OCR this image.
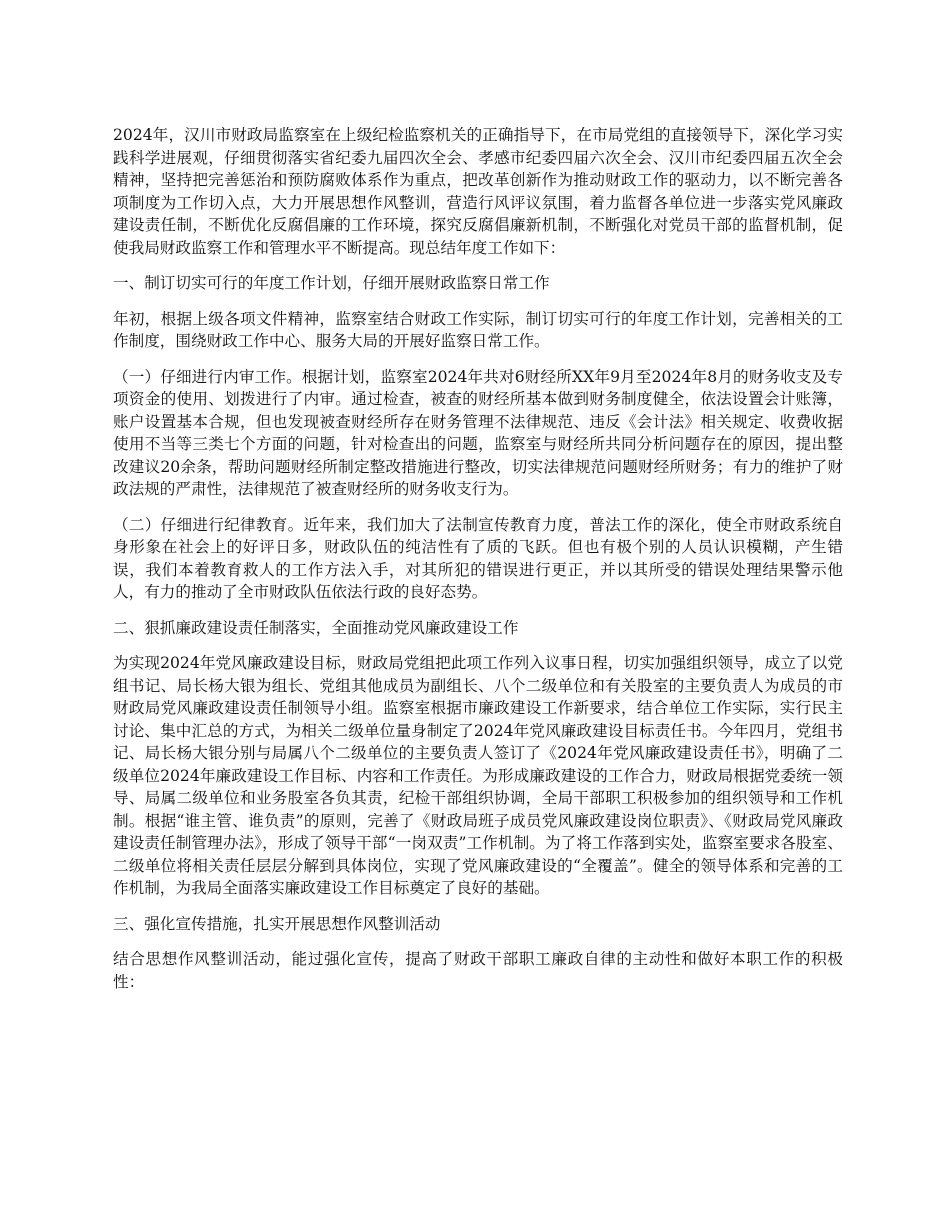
2024年，汉川市财政局监察室在上级纪检监察机关的正确指导下，在市局党组的直接领导下，深化学习实践科学进展观，仔细贯彻落实省纪委九届四次全会、孝感市纪委四届六次全会、汉川市纪委四届五次全会精神，坚持把完善惩治和预防腐败体系作为重点，把改革创新作为推动财政工作的驱动力，以不断完善各项制度为工作切入点，大力开展思想作风整训，营造行风评议氛围，着力监督各单位进一步落实党风廉政建设责任制，不断优化反腐倡廉的工作环境，探究反腐倡廉新机制，不断强化对党员干部的监督机制，促使我局财政监察工作和管理水平不断提高。现总结年度工作如下：

一、制订切实可行的年度工作计划，仔细开展财政监察日常工作

年初，根据上级各项文件精神，监察室结合财政工作实际，制订切实可行的年度工作计划，完善相关的工作制度，围绕财政工作中心、服务大局的开展好监察日常工作。

（一）仔细进行内审工作。根据计划，监察室2024年共对6财经所XX年9月至2024年8月的财务收支及专项资金的使用、划拨进行了内审。通过检查，被查的财经所基本做到财务制度健全，依法设置会计账簿，账户设置基本合规，但也发现被查财经所存在财务管理不法律规范、违反《会计法》相关规定、收费收据使用不当等三类七个方面的问题，针对检查出的问题，监察室与财经所共同分析问题存在的原因，提出整改建议20余条，帮助问题财经所制定整改措施进行整改，切实法律规范问题财经所财务；有力的维护了财政法规的严肃性，法律规范了被查财经所的财务收支行为。

（二）仔细进行纪律教育。近年来，我们加大了法制宣传教育力度，普法工作的深化，使全市财政系统自身形象在社会上的好评日多，财政队伍的纯洁性有了质的飞跃。但也有极个别的人员认识模糊，产生错误，我们本着教育救人的工作方法入手，对其所犯的错误进行更正，并以其所受的错误处理结果警示他人，有力的推动了全市财政队伍依法行政的良好态势。

二、狠抓廉政建设责任制落实，全面推动党风廉政建设工作

为实现2024年党风廉政建设目标，财政局党组把此项工作列入议事日程，切实加强组织领导，成立了以党组书记、局长杨大银为组长、党组其他成员为副组长、八个二级单位和有关股室的主要负责人为成员的市财政局党风廉政建设责任制领导小组。监察室根据市廉政建设工作新要求，结合单位工作实际，实行民主讨论、集中汇总的方式，为相关二级单位量身制定了2024年党风廉政建设目标责任书。今年四月，党组书记、局长杨大银分别与局属八个二级单位的主要负责人签订了《2024年党风廉政建设责任书》，明确了二级单位2024年廉政建设工作目标、内容和工作责任。为形成廉政建设的工作合力，财政局根据党委统一领导、局属二级单位和业务股室各负其责，纪检干部组织协调，全局干部职工积极参加的组织领导和工作机制。根据“谁主管、谁负责”的原则，完善了《财政局班子成员党风廉政建设岗位职责》、《财政局党风廉政建设责任制管理办法》，形成了领导干部“一岗双责”工作机制。为了将工作落到实处，监察室要求各股室、二级单位将相关责任层层分解到具体岗位，实现了党风廉政建设的“全覆盖”。健全的领导体系和完善的工作机制，为我局全面落实廉政建设工作目标奠定了良好的基础。

三、强化宣传措施，扎实开展思想作风整训活动

结合思想作风整训活动，能过强化宣传，提高了财政干部职工廉政自律的主动性和做好本职工作的积极性：
